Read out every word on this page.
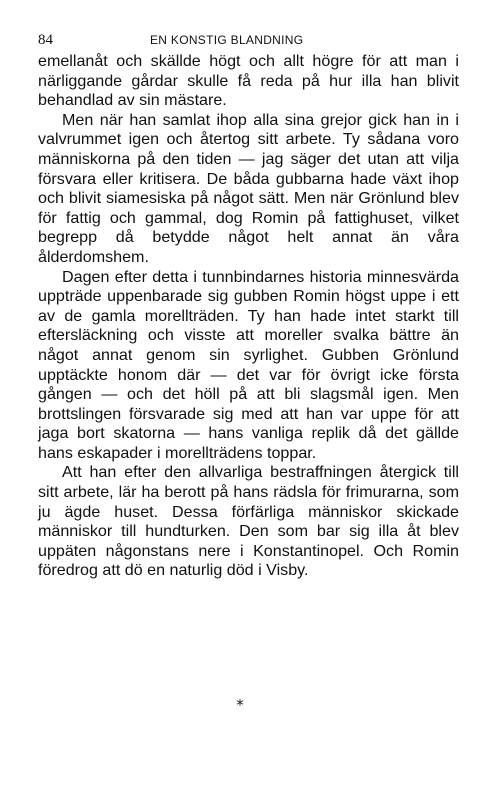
84	EN KONSTIG BLANDNING

emellanåt och skällde högt och allt högre för att man i närliggande gårdar skulle få reda på hur illa han blivit behandlad av sin mästare.

Men när han samlat ihop alla sina grejor gick han in i valvrummet igen och återtog sitt arbete. Ty sådana voro människorna på den tiden — jag säger det utan att vilja försvara eller kritisera. De båda gubbarna hade växt ihop och blivit siamesiska på något sätt. Men när Grönlund blev för fattig och gammal, dog Romin på fattighuset, vilket begrepp då betydde något helt annat än våra ålderdomshem.

Dagen efter detta i tunnbindarnes historia minnesvärda uppträde uppenbarade sig gubben Romin högst uppe i ett av de gamla morellträden. Ty han hade intet starkt till eftersläckning och visste att moreller svalka bättre än något annat genom sin syrlighet. Gubben Grönlund upptäckte honom där — det var för övrigt icke första gången — och det höll på att bli slagsmål igen. Men brottslingen försvarade sig med att han var uppe för att jaga bort skatorna — hans vanliga replik då det gällde hans eskapader i morellträdens toppar.

Att han efter den allvarliga bestraffningen återgick till sitt arbete, lär ha berott på hans rädsla för frimurarna, som ju ägde huset. Dessa förfärliga människor skickade människor till hundturken. Den som bar sig illa åt blev uppäten någonstans nere i Konstantinopel. Och Romin föredrog att dö en naturlig död i Visby.

*
